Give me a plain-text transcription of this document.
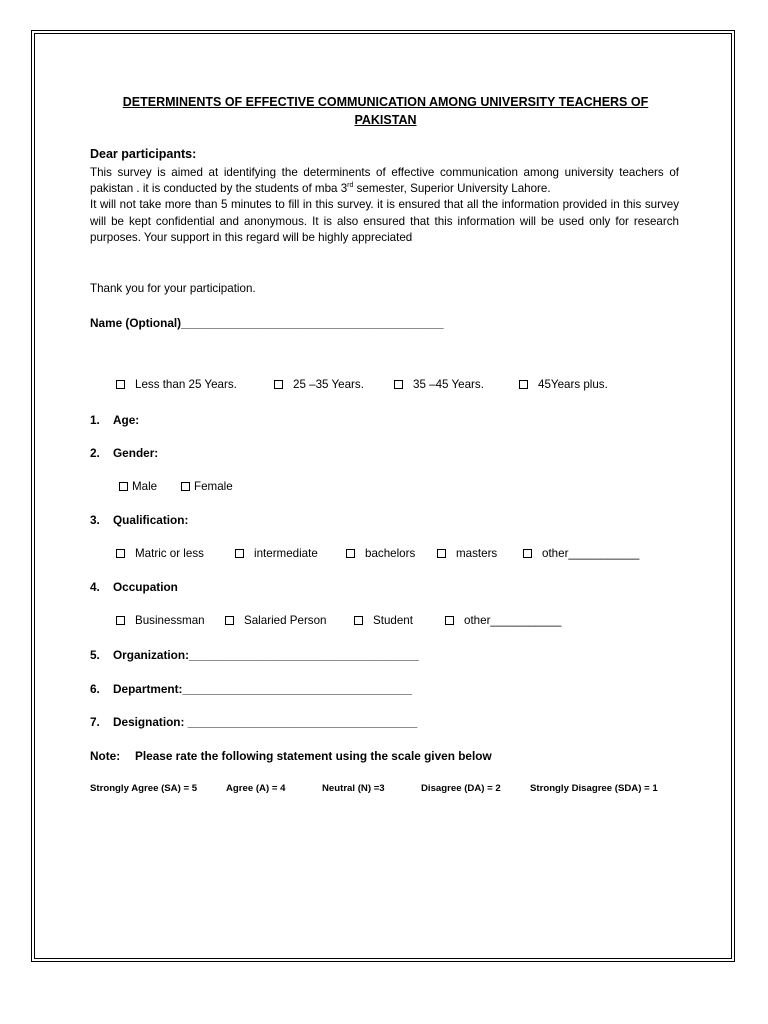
DETERMINENTS OF EFFECTIVE COMMUNICATION AMONG UNIVERSITY TEACHERS OF
PAKISTAN
Dear participants:

This survey is aimed at identifying the determinents of effective communication among university teachers of pakistan . it is conducted by the students of mba 3rd semester, Superior University Lahore.

It will not take more than 5 minutes to fill in this survey. it is ensured that all the information provided in this survey will be kept confidential and anonymous. It is also ensured that this information will be used only for research purposes. Your support in this regard will be highly appreciated

Thank you for your participation.
Name (Optional)________________________________________
Less than 25 Years.	25 –35 Years.	35 –45 Years.	45Years plus.
1. Age:
2. Gender:
Male	Female
3. Qualification:
Matric or less	intermediate	bachelors	masters	other___________
4. Occupation
Businessman	Salaried Person	Student	other___________
5. Organization:___________________________________
6. Department:___________________________________
7. Designation: ___________________________________
Note: Please rate the following statement using the scale given below
Strongly Agree (SA) = 5	Agree (A) = 4	Neutral (N) =3	Disagree (DA) = 2	Strongly Disagree (SDA) = 1
